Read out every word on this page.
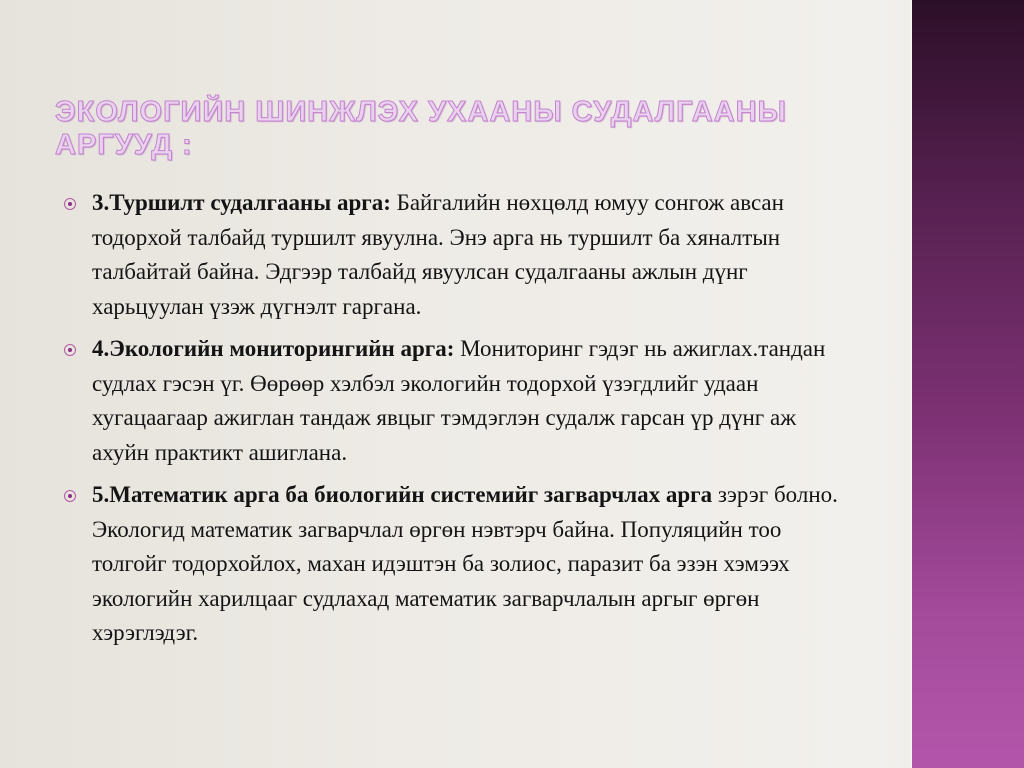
ЭКОЛОГИЙН ШИНЖЛЭХ УХААНЫ СУДАЛГААНЫ АРГУУД :
3.Туршилт судалгааны арга: Байгалийн нөхцөлд юмуу сонгож авсан тодорхой талбайд туршилт явуулна. Энэ арга нь туршилт ба хяналтын талбайтай байна. Эдгээр талбайд явуулсан судалгааны ажлын дүнг харьцуулан үзэж дүгнэлт гаргана.
4.Экологийн мониторингийн арга: Мониторинг гэдэг нь ажиглах.тандан судлах гэсэн үг. Өөрөөр хэлбэл экологийн тодорхой үзэгдлийг удаан хугацаагаар ажиглан тандаж явцыг тэмдэглэн судалж гарсан үр дүнг аж ахуйн практикт ашиглана.
5.Математик арга ба биологийн системийг загварчлах арга зэрэг болно. Экологид математик загварчлал өргөн нэвтэрч байна. Популяцийн тоо толгойг тодорхойлох, махан идэштэн ба золиос, паразит ба эзэн хэмээх экологийн харилцааг судлахад математик загварчлалын аргыг өргөн хэрэглэдэг.
